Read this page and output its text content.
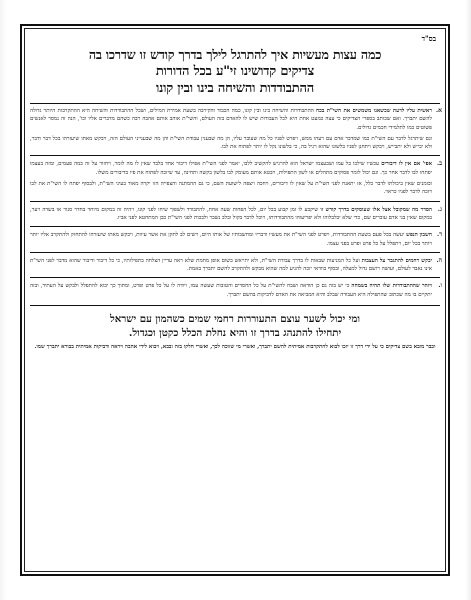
בס"ד
כמה עצות מעשיות איך להתרגל לילך בדרך קודש זו שדרכו בה
צדיקים קדושינו זי"ע בכל הדורות
ההתבודדות והשיחה בינו ובין קונו
א.
ראשית עליו לדעת שכשאנו משמשים את השי"ת בכח ההתבודדות והשיחה בינו ובין קונו, כמה הכבוד והקירבה בשעת אמירת המילים, ושכל ההתבודדות והשיחה היא ההתקרבות היותר גדולה להשם יתברך. ואם שכותב בספרי הצדיקים כי עצה כמעט אחת היא לכל העבודות שיש לו להאדם בזה העולם, והשי"ת אוהב אותם אהבה רבה כשהם מדברים אליו וכו', הנה זה נמסר לאנשים פשוטים כמו לתלמידי חכמים גדולים.
וגם שיתרגל לדבר עם השי"ת כמו שמדבר אדם עם רעהו ממש, ויפרט לפניו כל מה שעובר עליו, הן מה שבענין עבודת השי"ת והן מה שבענייני העולם הזה, ויבקש מאתו שיעזרהו בכל דבר ודבר, ולא יבייש ולא יתבייש, ויבקש ויתחנן לפניו בלשונו שהוא רגיל בה, כי בלשונו נקל לו יותר לפתוח את לבו.
ב.
אפי' אם אין לו דיבורים עכשיו שילבו בל עמו ושבעצמו ישראל הוא להרגיש להקשיב ללבו, יאמר לפני השי"ת אפילו דיבור אחד בלבד שאין לו מה לומר, ויחזור על זה כמה פעמים, ומזה בעצמו יפתחו לבו לדבר אחר כך. וגם יכול לומר פסוקים מתהלים או לשון התפילות, ויבטא אותם מעומק לבו בלשון בקשה ותחינה, עד שיזכה לפתוח את פיו בדיבורים משלו.
ובזמנים שאין ביכולתו לדבר כלל, אז יתאנח לפני השי"ת על שאין לו דיבורים, ויחכה ויצפה לישועת השם, כי גם ההמתנה והצפייה הזו יקרה מאוד בעיני השי"ת, ולבסוף יפתח לו השי"ת את לבו ויזכה לדבר לפניו כראוי.
ג.
הסדר מה שמקובל אצל אלו שעוסקים בדרך קודש זו שיקבע לו זמן קבוע בכל יום, לכל הפחות שעה אחת, להתבודד ולשפוך שיחו לפני קונו, ויהיה זה במקום מיוחד בחדר סגור או בשדה ויער, במקום שאין בני אדם עוברים שם, כדי שלא יבלבלוהו ולא יפריעוהו מהתבודדותו, ויוכל לדבר בקול ובלב נשבר ולבכות לפני השי"ת כבן המתחטא לפני אביו.
ד.
חשבון הנפש יעשה בכל פעם בשעת ההתבודדות, ויפרט לפני השי"ת את מעשיו ודבריו ומחשבותיו של אותו היום, וישים לב לתקן את אשר עיוות, ויבקש מאתו שיעזרהו להתחזק ולהתקרב אליו יותר ויותר בכל יום, ויתפלל על כל פרט ופרט בפני עצמו.
ה.
יבקש רחמים להתגבר על העצבות ועל כל המניעות שבאות לו בדרך עבודת השי"ת, ולא יתייאש בשום אופן מחמת שלא ראה עדיין הצלחה בתפילותיו, כי כל דיבור ודיבור שהוא מדבר לפני השי"ת אינו נאבד לעולם, ועושה רושם גדול למעלה, ובסוף בוודאי יזכה להגיע למה שהוא מבקש ולהתקרב להשם יתברך באמת.
ו.
ויזהר שההתבודדות שלו תהיה בשמחה כי יש בזה גם כן הודאה ושבח להשי"ת על כל החסדים והטובות שעשה עמו, ויודה לו על כל פרט ופרט, ומתוך כך יבוא להתפלל ולבקש על העתיד, ובזה יתקיים בו מה שכתוב שהתפילה היא העבודה שבלב והיא המביאה את האדם לדביקות בהשם יתברך.
ומי יכול לשער עוצם התעוררות רחמי שמים כשהמון עם ישראל
יתחילו להתנהג בדרך זו והיא נחלת הכלל כקטן וכגדול.
וכבר מובא בשם צדיקים כי על ידי דרך זו יזכו לבוא להתקרבות אמיתית להשם יתברך, ואשרי מי שזוכה לכך, ואשרי חלקו בזה ובבא, ויבוא לידי אהבה ויראה ודביקות אמיתית בבורא יתברך שמו.
